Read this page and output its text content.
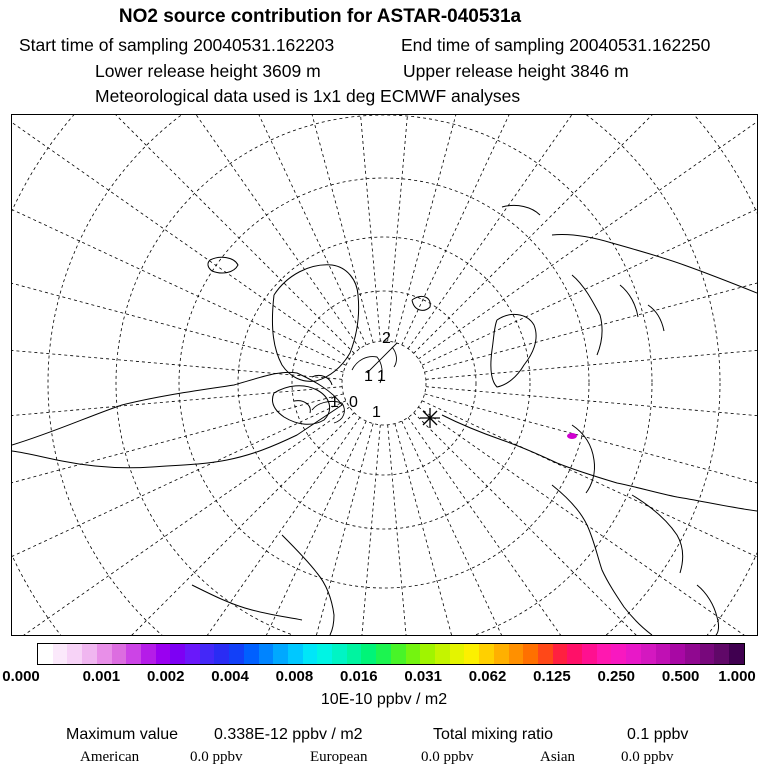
NO2 source contribution for ASTAR-040531a
Start time of sampling 20040531.162203	End time of sampling 20040531.162250
Lower release height 3609 m	Upper release height 3846 m
Meteorological data used is 1x1 deg ECMWF analyses
2
1 1
1 0
1
0.000	0.001 0.002 0.004 0.008 0.016 0.031 0.062 0.125 0.250 0.500 1.000
10E-10 ppbv / m2
Maximum value 0.338E-12 ppbv / m2	Total mixing ratio	0.1 ppbv
American	0.0 ppbv	European	0.0 ppbv	Asian	0.0 ppbv
